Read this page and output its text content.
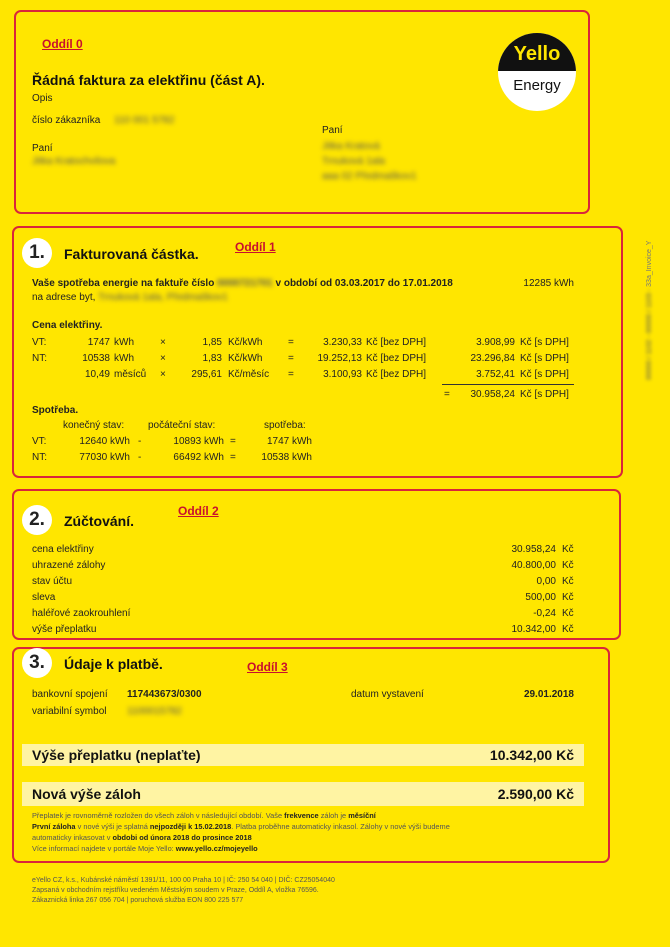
Oddíl 0
Řádná faktura za elektřinu (část A).
Opis
číslo zákazníka 110 001 5782
Paní
Jitka Kratochvilova
Paní
Jitka Kratová
Trnuková 1ala
aaa 02 Předmaškov1
Yello
Energy
1.	Fakturovaná částka.	Oddíl 1
Vaše spotřeba energie na faktuře číslo 0000721701 v období od 03.03.2017 do 17.01.2018	12285 kWh
na adrese byt, Trnuková 1ala, Předmaškov1
Cena elektřiny.
VT:	1747 kWh	×	1,85 Kč/kWh	=	3.230,33 Kč [bez DPH]	3.908,99 Kč [s DPH]
NT:	10538 kWh	×	1,83 Kč/kWh	=	19.252,13 Kč [bez DPH]	23.296,84 Kč [s DPH]
10,49 měsíců ×	295,61 Kč/měsíc =	3.100,93 Kč [bez DPH]	3.752,41 Kč [s DPH]
=	30.958,24 Kč [s DPH]
Spotřeba.
konečný stav: počáteční stav:	spotřeba:
VT:	12640 kWh -	10893 kWh =	1747 kWh
NT:	77030 kWh -	66492 kWh =	10538 kWh
2.	Zúčtování.
Oddíl 2
cena elektřiny	30.958,24 Kč
uhrazené zálohy	40.800,00 Kč
stav účtu	0,00 Kč
sleva	500,00 Kč
haléřové zaokrouhlení	-0,24 Kč
výše přeplatku	10.342,00 Kč
3.	Údaje k platbě.	Oddíl 3
bankovní spojení 117443673/0300	datum vystavení	29.01.2018
variabilní symbol 1100015782
Výše přeplatku (neplaťte)	10.342,00 Kč
Nová výše záloh	2.590,00 Kč
Přeplatek je rovnoměrně rozložen do všech záloh v následující období. Vaše frekvence záloh je měsíční
První záloha v nové výši je splatná nejpozději k 15.02.2018. Platba proběhne automaticky inkasol. Zálohy v nové výši budeme
automaticky inkasovat v obdobi od února 2018 do prosince 2018
Více informací najdete v portále Moje Yello: www.yello.cz/mojeyello
eYello CZ, k.s., Kubánské náměstí 1391/11, 100 00 Praha 10 | IČ: 250 54 040 | DIČ: CZ25054040
Zapsaná v obchodním rejstříku vedeném Městským soudem v Praze, Oddíl A, vložka 76596.
Zákaznická linka 267 056 704 | poruchová služba EON 800 225 577
00000 / 1102 - 00000 / 1103 - 33a_Invoice_Y
